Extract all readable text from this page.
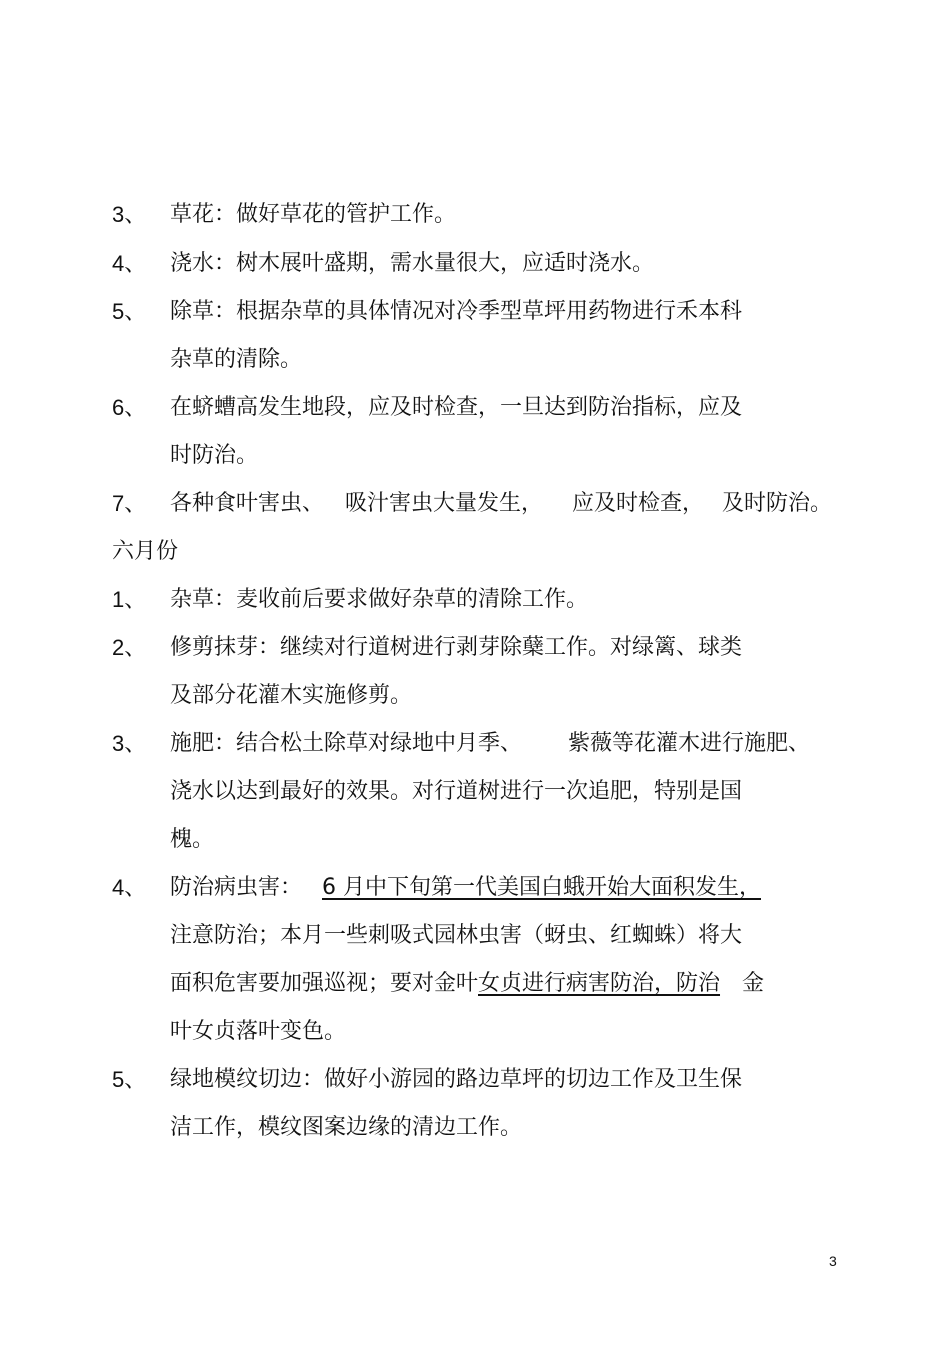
3、 草花：做好草花的管护工作。
4、 浇水：树木展叶盛期，需水量很大，应适时浇水。
5、 除草：根据杂草的具体情况对冷季型草坪用药物进行禾本科
杂草的清除。
6、 在蛴螬高发生地段，应及时检查，一旦达到防治指标，应及
时防治。
7、 各种食叶害虫、 吸汁害虫大量发生， 应及时检查， 及时防治。
六月份
1、 杂草：麦收前后要求做好杂草的清除工作。
2、 修剪抹芽：继续对行道树进行剥芽除蘖工作。对绿篱、球类
及部分花灌木实施修剪。
3、 施肥：结合松土除草对绿地中月季、 紫薇等花灌木进行施肥、
浇水以达到最好的效果。对行道树进行一次追肥，特别是国
槐。
4、 防治病虫害： 6 月中下旬第一代美国白蛾开始大面积发生，
注意防治；本月一些刺吸式园林虫害（蚜虫、红蜘蛛）将大
面积危害要加强巡视；要对金叶 女贞进行病害防治，防治 金
叶女贞落叶变色。
5、 绿地模纹切边：做好小游园的路边草坪的切边工作及卫生保
洁工作，模纹图案边缘的清边工作。
3
